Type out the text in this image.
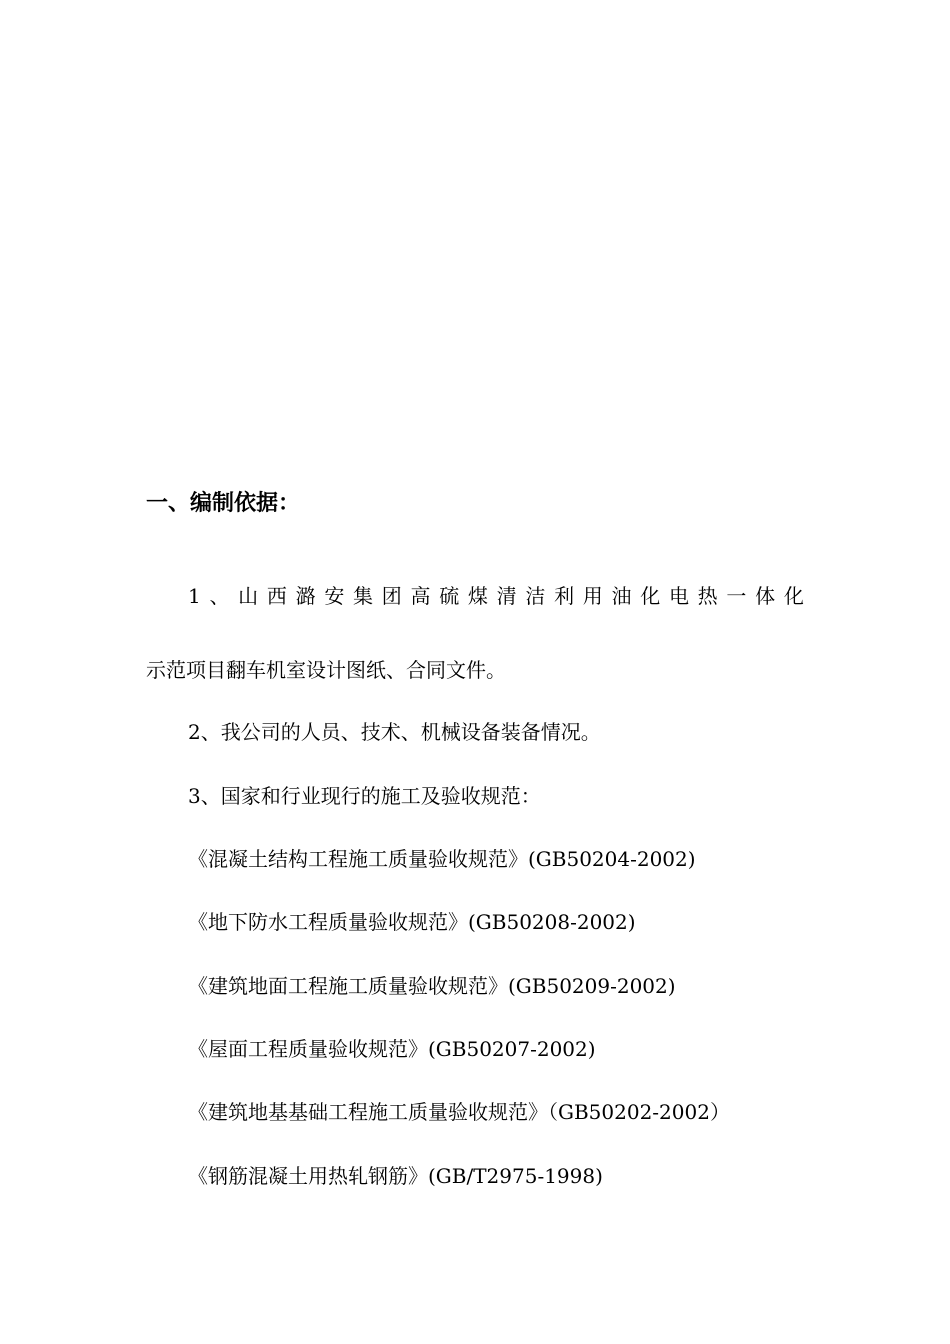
一、编制依据：
1 、 山 西 潞 安 集 团 高 硫 煤 清 洁 利 用 油 化 电 热 一 体 化
示范项目翻车机室设计图纸、合同文件。
2、我公司的人员、技术、机械设备装备情况。
3、国家和行业现行的施工及验收规范：
《混凝土结构工程施工质量验收规范》(GB50204-2002)
《地下防水工程质量验收规范》(GB50208-2002)
《建筑地面工程施工质量验收规范》(GB50209-2002)
《屋面工程质量验收规范》(GB50207-2002)
《建筑地基基础工程施工质量验收规范》（GB50202-2002）
《钢筋混凝土用热轧钢筋》(GB/T2975-1998)
